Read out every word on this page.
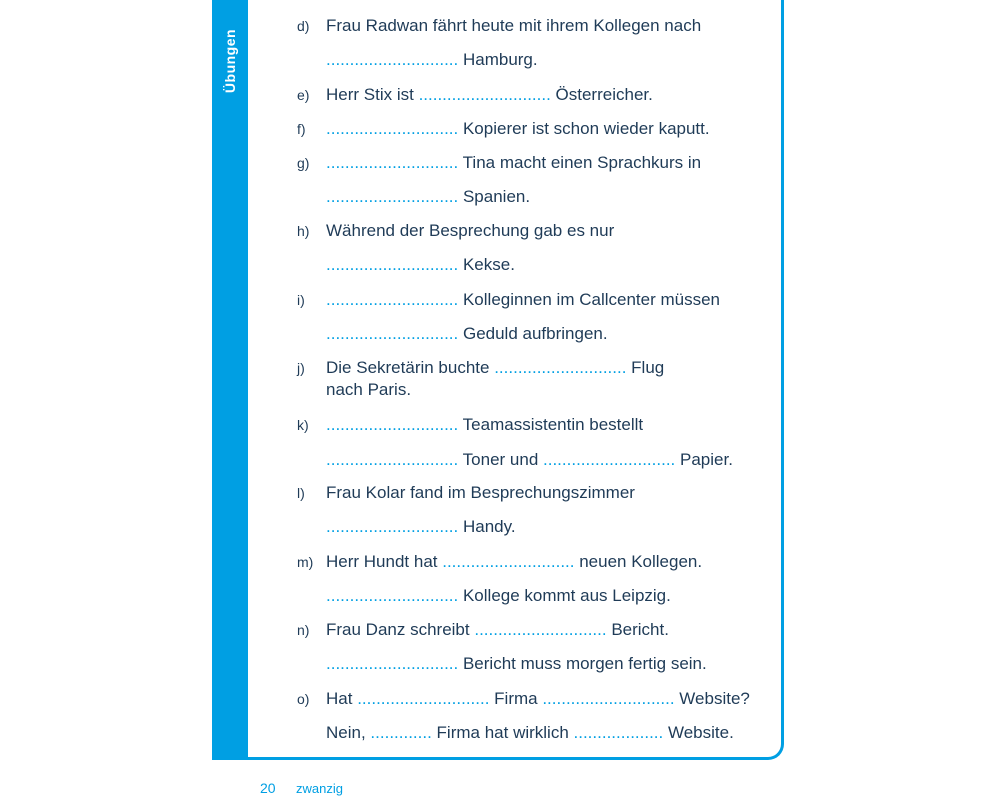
Übungen
d) Frau Radwan fährt heute mit ihrem Kollegen nach
............................ Hamburg.
e) Herr Stix ist ............................ Österreicher.
f)	............................ Kopierer ist schon wieder kaputt.
g) ............................ Tina macht einen Sprachkurs in
............................ Spanien.
h) Während der Besprechung gab es nur
............................ Kekse.
i)	............................ Kolleginnen im Callcenter müssen
............................ Geduld aufbringen.
j)	Die Sekretärin buchte ............................ Flug
nach Paris.
k)	............................ Teamassistentin bestellt
............................ Toner und ............................ Papier.
l)	Frau Kolar fand im Besprechungszimmer
............................ Handy.
m) Herr Hundt hat ............................ neuen Kollegen.
............................ Kollege kommt aus Leipzig.
n) Frau Danz schreibt ............................ Bericht.
............................ Bericht muss morgen fertig sein.
o) Hat ............................ Firma ............................ Website?
Nein, ............. Firma hat wirklich ................... Website.
20 zwanzig
